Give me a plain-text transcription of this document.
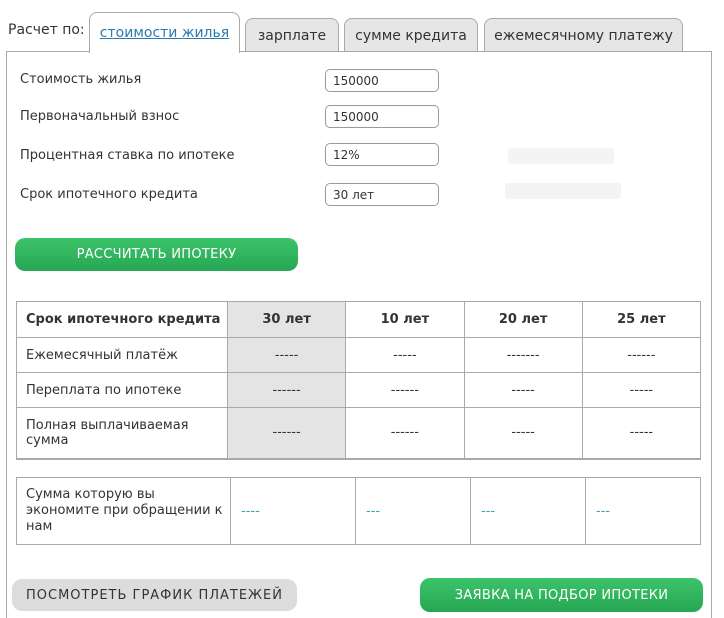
Расчет по: стоимости жилья зарплате сумме кредита ежемесячному платежу
Стоимость жилья
150000
Первоначальный взнос
150000
Процентная ставка по ипотеке
12%
Срок ипотечного кредита
30 лет
РАССЧИТАТЬ ИПОТЕКУ
Срок ипотечного кредита	30 лет	10 лет	20 лет	25 лет
Ежемесячный платёж	-----	-----	-------	------
Переплата по ипотеке	------	------	-----	-----
Полная выплачиваемая сумма	------	------	-----	-----
Сумма которую вы экономите при обращении к нам	----	---	---	---
ПОСМОТРЕТЬ ГРАФИК ПЛАТЕЖЕЙ	ЗАЯВКА НА ПОДБОР ИПОТЕКИ
